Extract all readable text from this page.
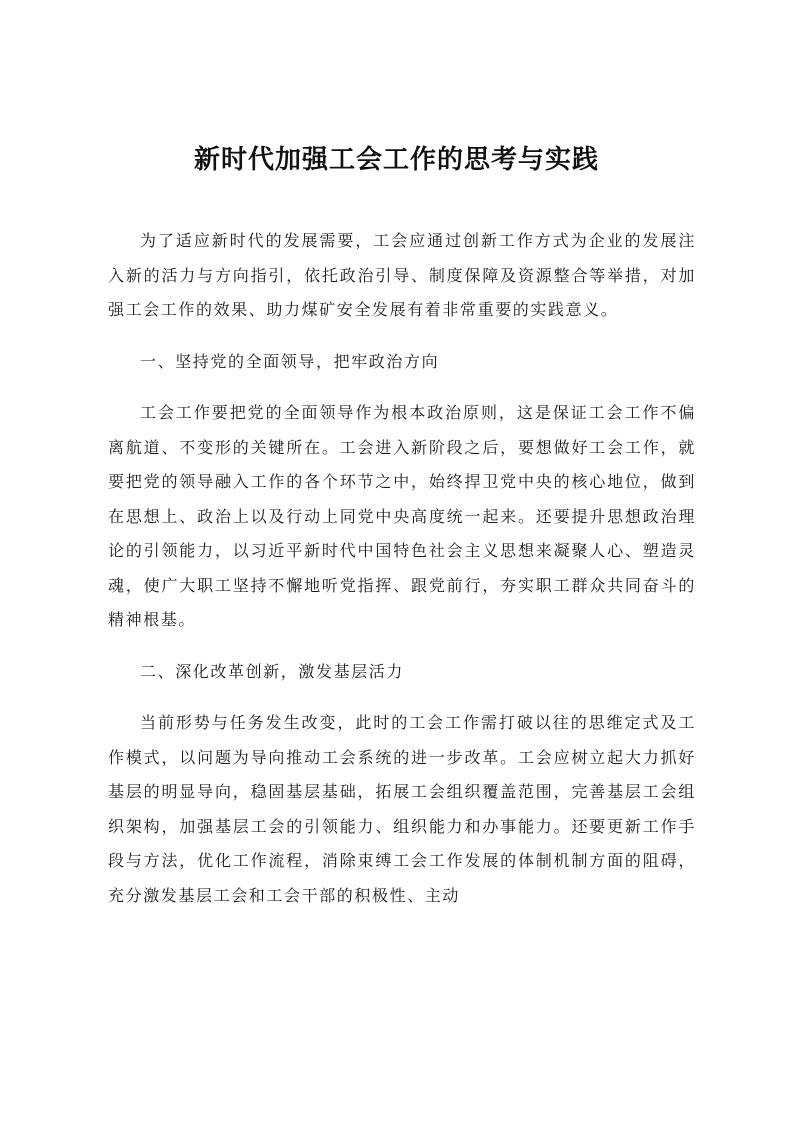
新时代加强工会工作的思考与实践

为了适应新时代的发展需要，工会应通过创新工作方式为企业的发展注入新的活力与方向指引，依托政治引导、制度保障及资源整合等举措，对加强工会工作的效果、助力煤矿安全发展有着非常重要的实践意义。

一、坚持党的全面领导，把牢政治方向

工会工作要把党的全面领导作为根本政治原则，这是保证工会工作不偏离航道、不变形的关键所在。工会进入新阶段之后，要想做好工会工作，就要把党的领导融入工作的各个环节之中，始终捍卫党中央的核心地位，做到在思想上、政治上以及行动上同党中央高度统一起来。还要提升思想政治理论的引领能力，以习近平新时代中国特色社会主义思想来凝聚人心、塑造灵魂，使广大职工坚持不懈地听党指挥、跟党前行，夯实职工群众共同奋斗的精神根基。

二、深化改革创新，激发基层活力

当前形势与任务发生改变，此时的工会工作需打破以往的思维定式及工作模式，以问题为导向推动工会系统的进一步改革。工会应树立起大力抓好基层的明显导向，稳固基层基础，拓展工会组织覆盖范围，完善基层工会组织架构，加强基层工会的引领能力、组织能力和办事能力。还要更新工作手段与方法，优化工作流程，消除束缚工会工作发展的体制机制方面的阻碍，充分激发基层工会和工会干部的积极性、主动
